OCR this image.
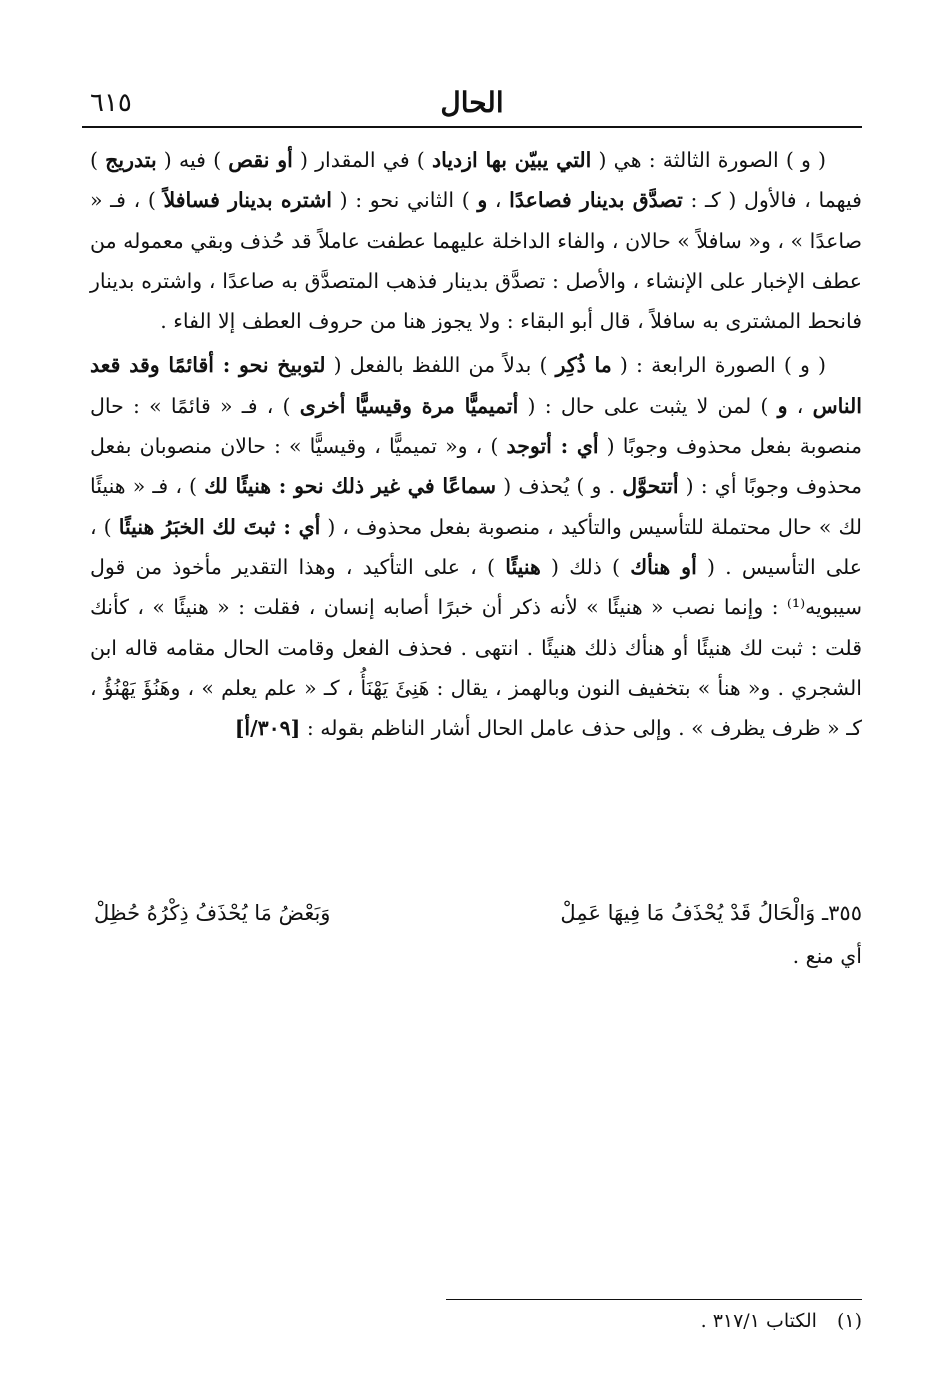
الحال
٦١٥

( و ) الصورة الثالثة : هي ( التي يبيّن بها ازدياد ) في المقدار ( أو نقص ) فيه ( بتدريج ) فيهما ، فالأول ( كـ : تصدَّق بدينار فصاعدًا ، و ) الثاني نحو : ( اشتره بدينار فسافلاً ) ، فـ « صاعدًا » ، و« سافلاً » حالان ، والفاء الداخلة عليهما عطفت عاملاً قد حُذف وبقي معموله من عطف الإخبار على الإنشاء ، والأصل : تصدَّق بدينار فذهب المتصدَّق به صاعدًا ، واشتره بدينار فانحط المشترى به سافلاً ، قال أبو البقاء : ولا يجوز هنا من حروف العطف إلا الفاء .

( و ) الصورة الرابعة : ( ما ذُكِر ) بدلاً من اللفظ بالفعل ( لتوبيخ نحو : أقائمًا وقد قعد الناس ، و ) لمن لا يثبت على حال : ( أتميميًّا مرة وقيسيًّا أخرى ) ، فـ « قائمًا » : حال منصوبة بفعل محذوف وجوبًا ( أي : أتوجد ) ، و« تميميًّا ، وقيسيًّا » : حالان منصوبان بفعل محذوف وجوبًا أي : ( أتتحوَّل . و ) يُحذف ( سماعًا في غير ذلك نحو : هنيئًا لك ) ، فـ « هنيئًا لك » حال محتملة للتأسيس والتأكيد ، منصوبة بفعل محذوف ، ( أي : ثبتَ لك الخبَرُ هنيئًا ) ، على التأسيس . ( أو هنأك ) ذلك ( هنيئًا ) ، على التأكيد ، وهذا التقدير مأخوذ من قول سيبويه⁽¹⁾ : وإنما نصب « هنيئًا » لأنه ذكر أن خبرًا أصابه إنسان ، فقلت : « هنيئًا » ، كأنك قلت : ثبت لك هنيئًا أو هنأك ذلك هنيئًا . انتهى . فحذف الفعل وقامت الحال مقامه قاله ابن الشجري . و« هنأ » بتخفيف النون وبالهمز ، يقال : هَنِئَ يَهْنَأُ ، كـ « علم يعلم » ، وهَنُؤَ يَهْنُؤُ ، كـ « ظرف يظرف » . وإلى حذف عامل الحال أشار الناظم بقوله : [٣٠٩/أ]

٣٥٥ـ وَالْحَالُ قَدْ يُحْذَفُ مَا فِيهَا عَمِلْ
وَبَعْضُ مَا يُحْذَفُ ذِكْرُهُ حُظِلْ
أي منع .
(١)الكتاب ٣١٧/١ .
